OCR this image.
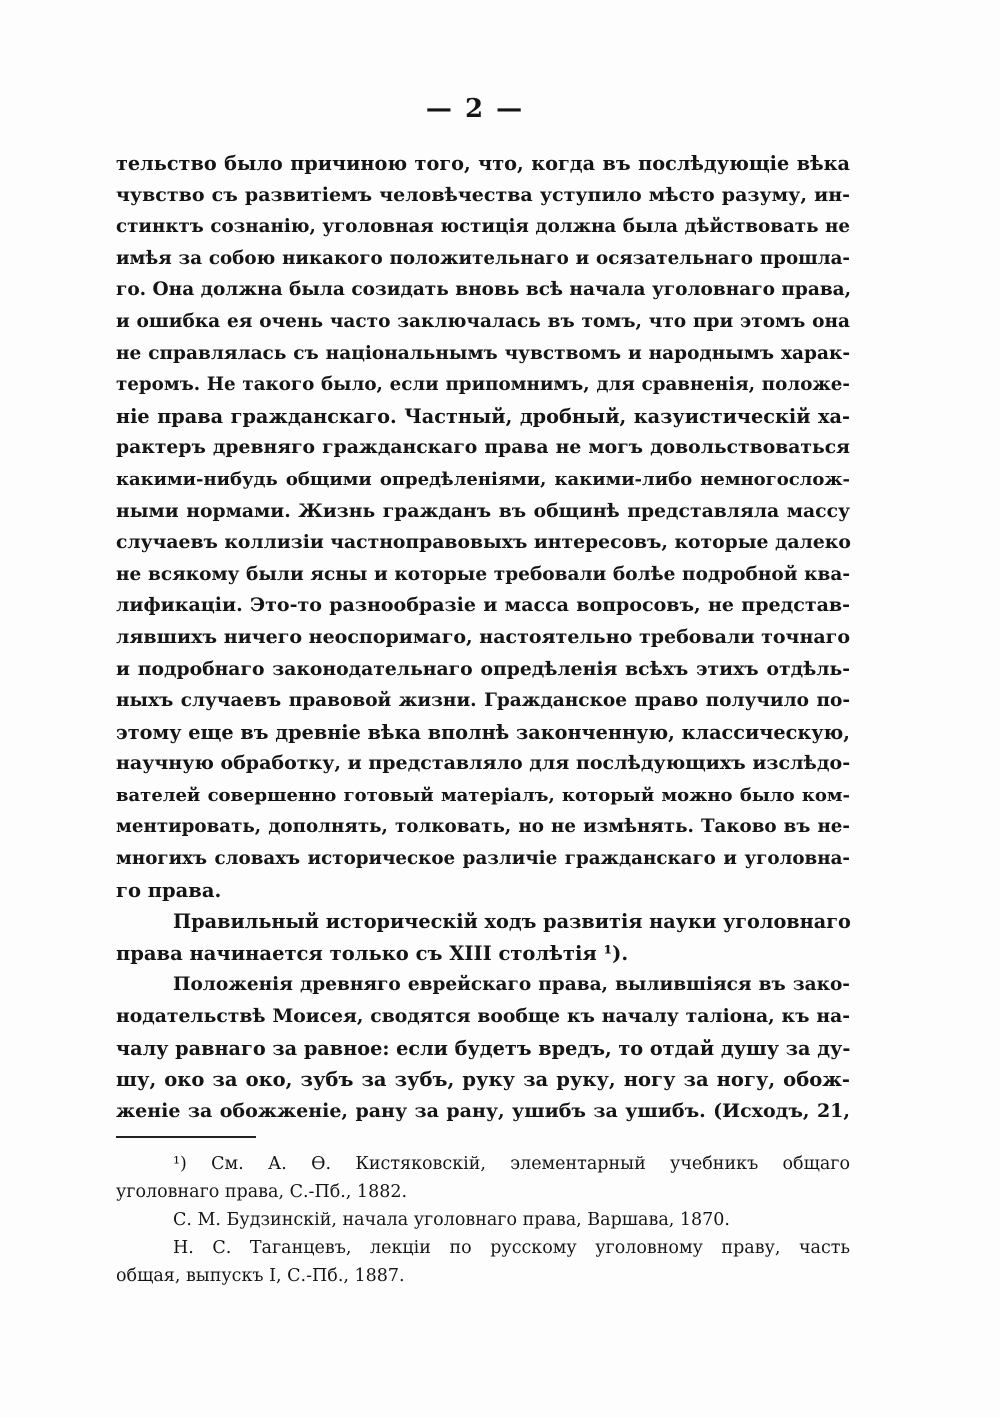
— 2 —
тельство было причиною того, что, когда въ послѣдующіе вѣка
чувство съ развитіемъ человѣчества уступило мѣсто разуму, ин-
стинктъ сознанію, уголовная юстиція должна была дѣйствовать не
имѣя за собою никакого положительнаго и осязательнаго прошла-
го. Она должна была созидать вновь всѣ начала уголовнаго права,
и ошибка ея очень часто заключалась въ томъ, что при этомъ она
не справлялась съ національнымъ чувствомъ и народнымъ харак-
теромъ. Не такого было, если припомнимъ, для сравненія, положе-
ніе права гражданскаго. Частный, дробный, казуистическій ха-
рактеръ древняго гражданскаго права не могъ довольствоваться
какими-нибудь общими опредѣленіями, какими-либо немногослож-
ными нормами. Жизнь гражданъ въ общинѣ представляла массу
случаевъ коллизіи частноправовыхъ интересовъ, которые далеко
не всякому были ясны и которые требовали болѣе подробной ква-
лификаціи. Это-то разнообразіе и масса вопросовъ, не представ-
лявшихъ ничего неоспоримаго, настоятельно требовали точнаго
и подробнаго законодательнаго опредѣленія всѣхъ этихъ отдѣль-
ныхъ случаевъ правовой жизни. Гражданское право получило по-
этому еще въ древніе вѣка вполнѣ законченную, классическую,
научную обработку, и представляло для послѣдующихъ изслѣдо-
вателей совершенно готовый матеріалъ, который можно было ком-
ментировать, дополнять, толковать, но не измѣнять. Таково въ не-
многихъ словахъ историческое различіе гражданскаго и уголовна-
го права.
Правильный историческій ходъ развитія науки уголовнаго
права начинается только съ XIII столѣтія ¹).
Положенія древняго еврейскаго права, вылившіяся въ зако-
нодательствѣ Моисея, сводятся вообще къ началу таліона, къ на-
чалу равнаго за равное: если будетъ вредъ, то отдай душу за ду-
шу, око за око, зубъ за зубъ, руку за руку, ногу за ногу, обож-
женіе за обожженіе, рану за рану, ушибъ за ушибъ. (Исходъ, 21,
¹) См. А. Ѳ. Кистяковскій, элементарный учебникъ общаго
уголовнаго права, С.-Пб., 1882.
С. М. Будзинскій, начала уголовнаго права, Варшава, 1870.
Н. С. Таганцевъ, лекціи по русскому уголовному праву, часть
общая, выпускъ I, С.-Пб., 1887.
